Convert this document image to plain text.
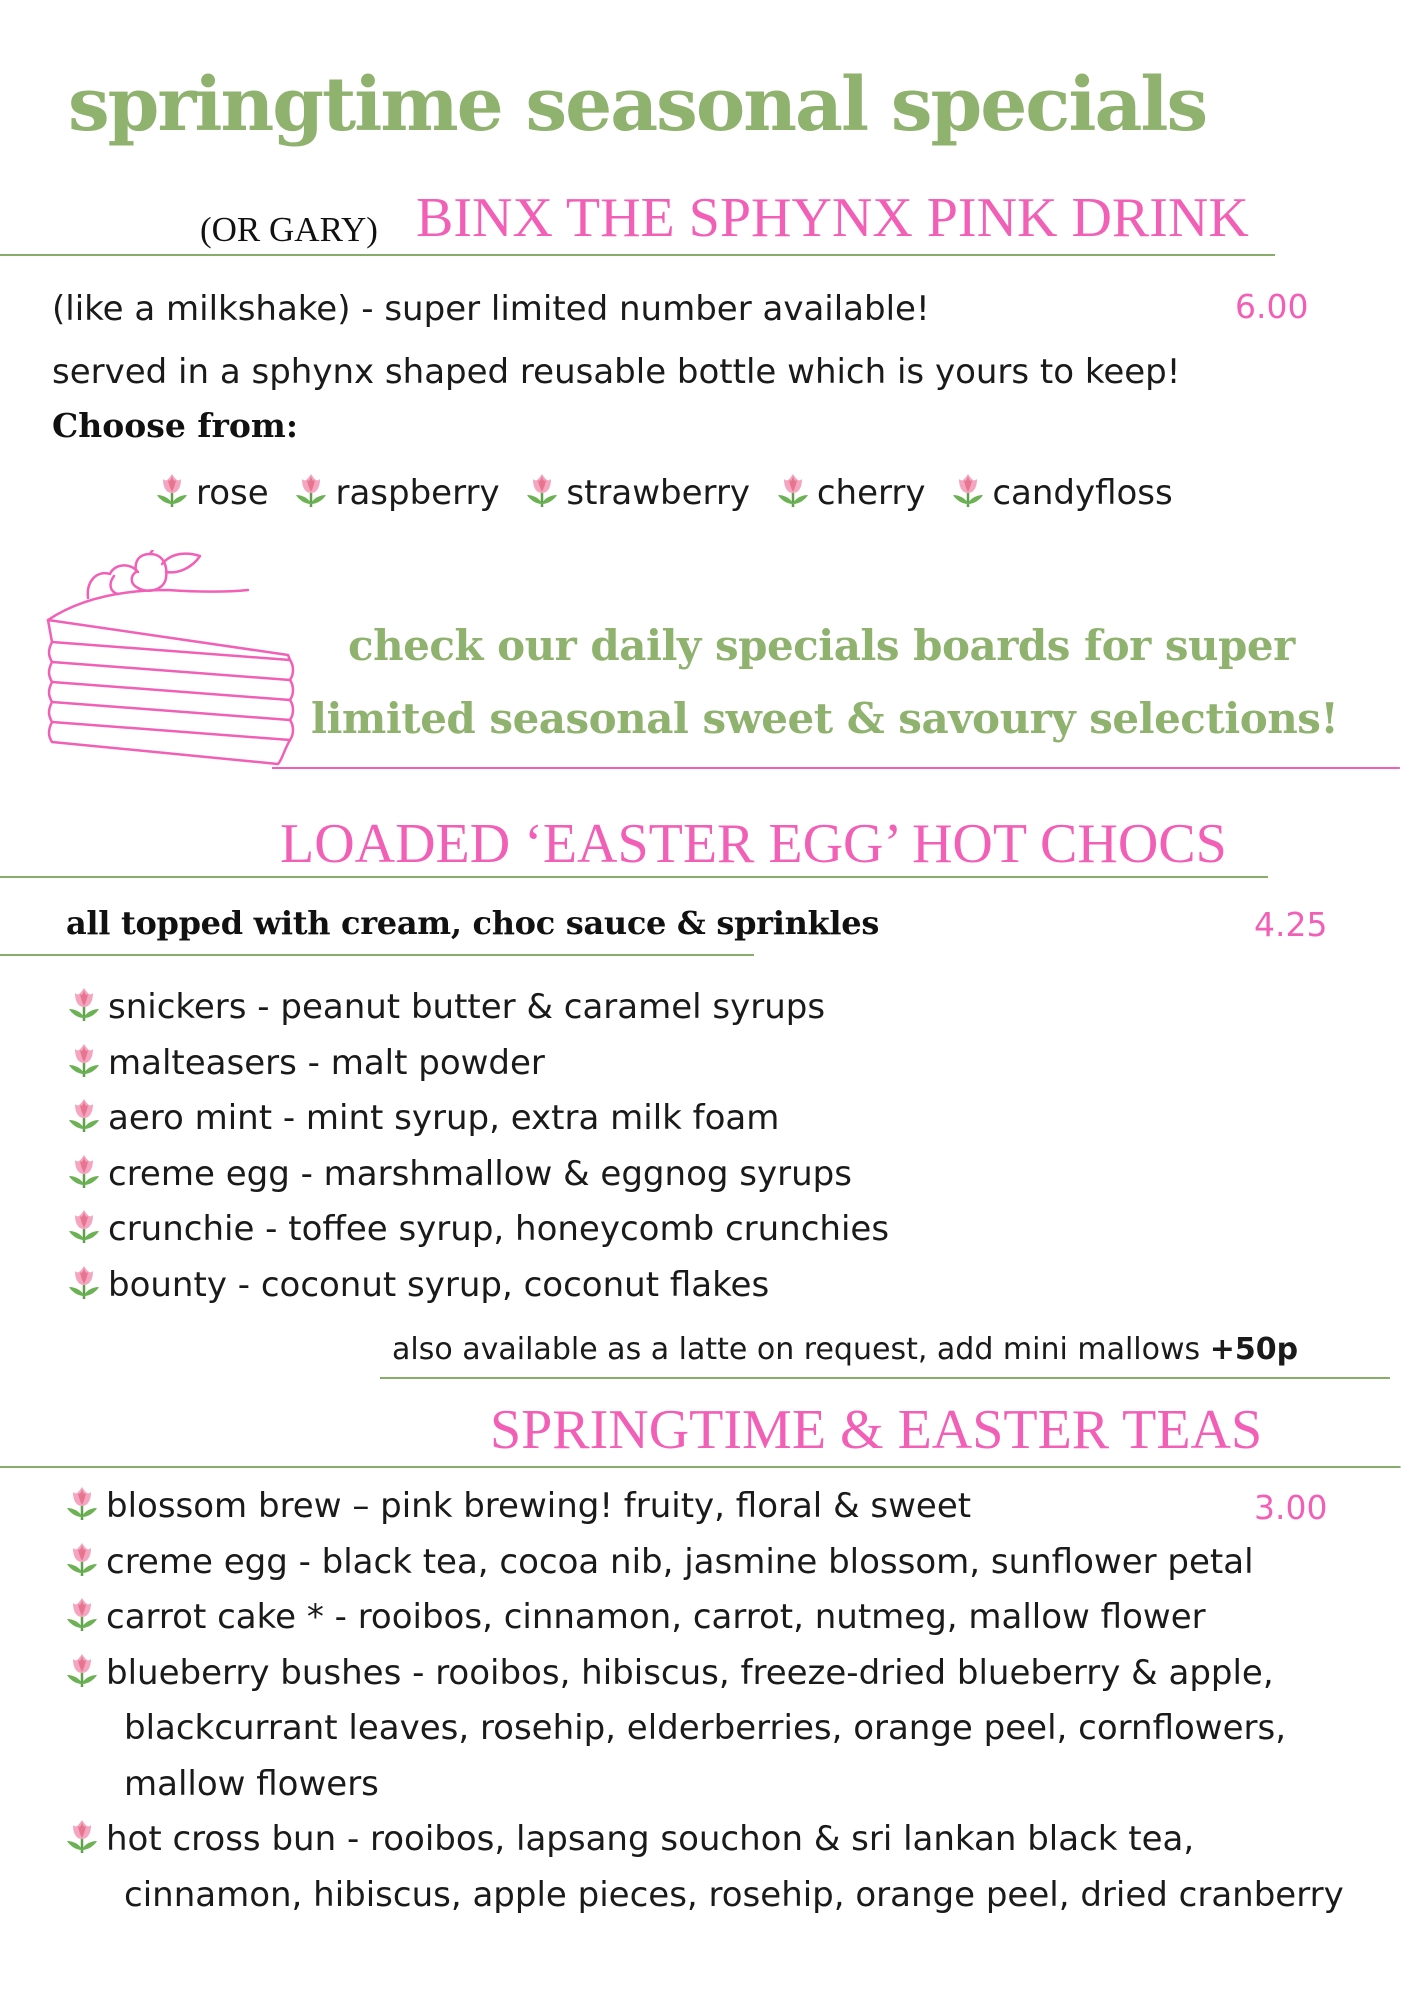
springtime seasonal specials
(OR GARY) BINX THE SPHYNX PINK DRINK
(like a milkshake) - super limited number available!	6.00
served in a sphynx shaped reusable bottle which is yours to keep!
Choose from:
rose raspberry strawberry cherry candyfloss
check our daily specials boards for super
limited seasonal sweet & savoury selections!
LOADED ‘EASTER EGG’ HOT CHOCS
all topped with cream, choc sauce & sprinkles	4.25
snickers - peanut butter & caramel syrups
malteasers - malt powder
aero mint - mint syrup, extra milk foam
creme egg - marshmallow & eggnog syrups
crunchie - toffee syrup, honeycomb crunchies
bounty - coconut syrup, coconut flakes
also available as a latte on request, add mini mallows +50p
SPRINGTIME & EASTER TEAS
3.00
blossom brew – pink brewing! fruity, floral & sweet
creme egg - black tea, cocoa nib, jasmine blossom, sunflower petal
carrot cake * - rooibos, cinnamon, carrot, nutmeg, mallow flower
blueberry bushes - rooibos, hibiscus, freeze-dried blueberry & apple,
blackcurrant leaves, rosehip, elderberries, orange peel, cornflowers,
mallow flowers
hot cross bun - rooibos, lapsang souchon & sri lankan black tea,
cinnamon, hibiscus, apple pieces, rosehip, orange peel, dried cranberry
